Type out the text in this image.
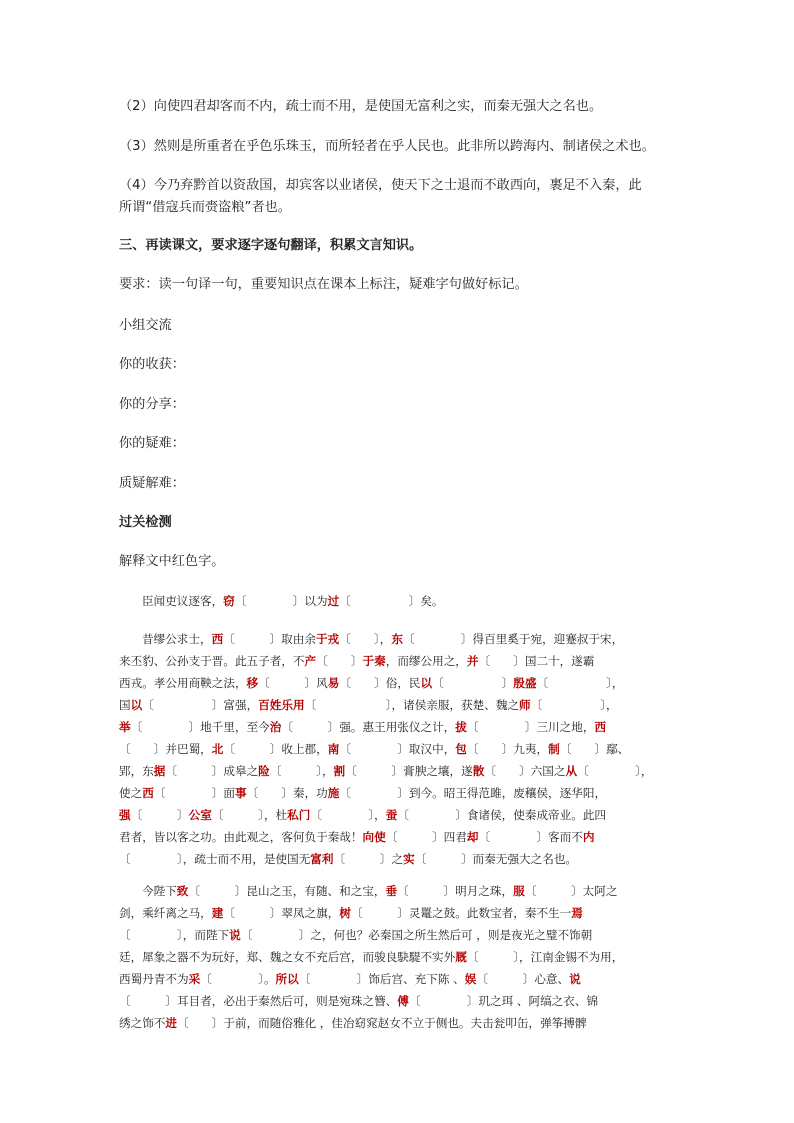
（2）向使四君却客而不内，疏士而不用，是使国无富利之实，而秦无强大之名也。
（3）然则是所重者在乎色乐珠玉，而所轻者在乎人民也。此非所以跨海内、制诸侯之术也。
（4）今乃弃黔首以资敌国，却宾客以业诸侯，使天下之士退而不敢西向，裹足不入秦，此
所谓“借寇兵而赍盗粮”者也。
三、再读课文，要求逐字逐句翻译，积累文言知识。
要求：读一句译一句，重要知识点在课本上标注，疑难字句做好标记。
小组交流
你的收获：
你的分享：
你的疑难：
质疑解难：
过关检测
解释文中红色字。
臣闻吏议逐客，窃〔　　　　〕以为过〔　　　　　〕矣。
昔缪公求士，西〔　　　〕取由余于戎〔　　〕，东〔　　　　〕得百里奚于宛，迎蹇叔于宋，
来丕豹、公孙支于晋。此五子者，不产〔　　〕于秦，而缪公用之，并〔　　〕国二十，遂霸
西戎。孝公用商鞅之法，移〔　　　〕风易〔　　〕俗，民以〔　　　　　〕殷盛〔　　　　　〕，
国以〔　　　　　〕富强，百姓乐用〔　　　　　　〕，诸侯亲服，获楚、魏之师〔　　　　　〕，
举〔　　　　〕地千里，至今治〔　　　〕强。惠王用张仪之计，拔〔　　　　〕三川之地，西
〔　　〕并巴蜀，北〔　　　〕收上郡，南〔　　　　〕取汉中，包〔　　〕九夷，制〔　　〕鄢、
郢，东据〔　　　〕成皋之险〔　　　〕，割〔　　　〕膏腴之壤，遂散〔　　〕六国之从〔　　　　〕，
使之西〔　　　　〕面事〔　　〕秦，功施〔　　　　〕到今。昭王得范雎，废穰侯，逐华阳，
强〔　　　〕公室〔　　　〕，杜私门〔　　　　〕，蚕〔　　　　〕食诸侯，使秦成帝业。此四
君者，皆以客之功。由此观之，客何负于秦哉！向使〔　　　〕四君却〔　　　　〕客而不内
〔　　　　〕，疏士而不用，是使国无富利〔　　　〕之实〔　　　〕而秦无强大之名也。
今陛下致〔　　　〕昆山之玉，有随、和之宝，垂〔　　　〕明月之珠，服〔　　　〕太阿之
剑，乘纤离之马，建〔　　　〕翠凤之旗，树〔　　　〕灵鼍之鼓。此数宝者，秦不生一焉
〔　　　　〕，而陛下说〔　　　　〕之，何也？必秦国之所生然后可 ，则是夜光之璧不饰朝
廷，犀象之器不为玩好，郑、魏之女不充后宫，而骏良駃騠不实外厩〔　　　〕，江南金锡不为用，
西蜀丹青不为采〔　　　　〕。所以〔　　　　〕饰后宫、充下陈 、娱〔　　　〕心意、说
〔　　　〕耳目者，必出于秦然后可，则是宛珠之簪、傅〔　　　　〕玑之珥 、阿缟之衣、锦
绣之饰不进〔　　〕于前，而随俗雅化 ，佳冶窈窕赵女不立于侧也。夫击瓮叩缶，弹筝搏髀
